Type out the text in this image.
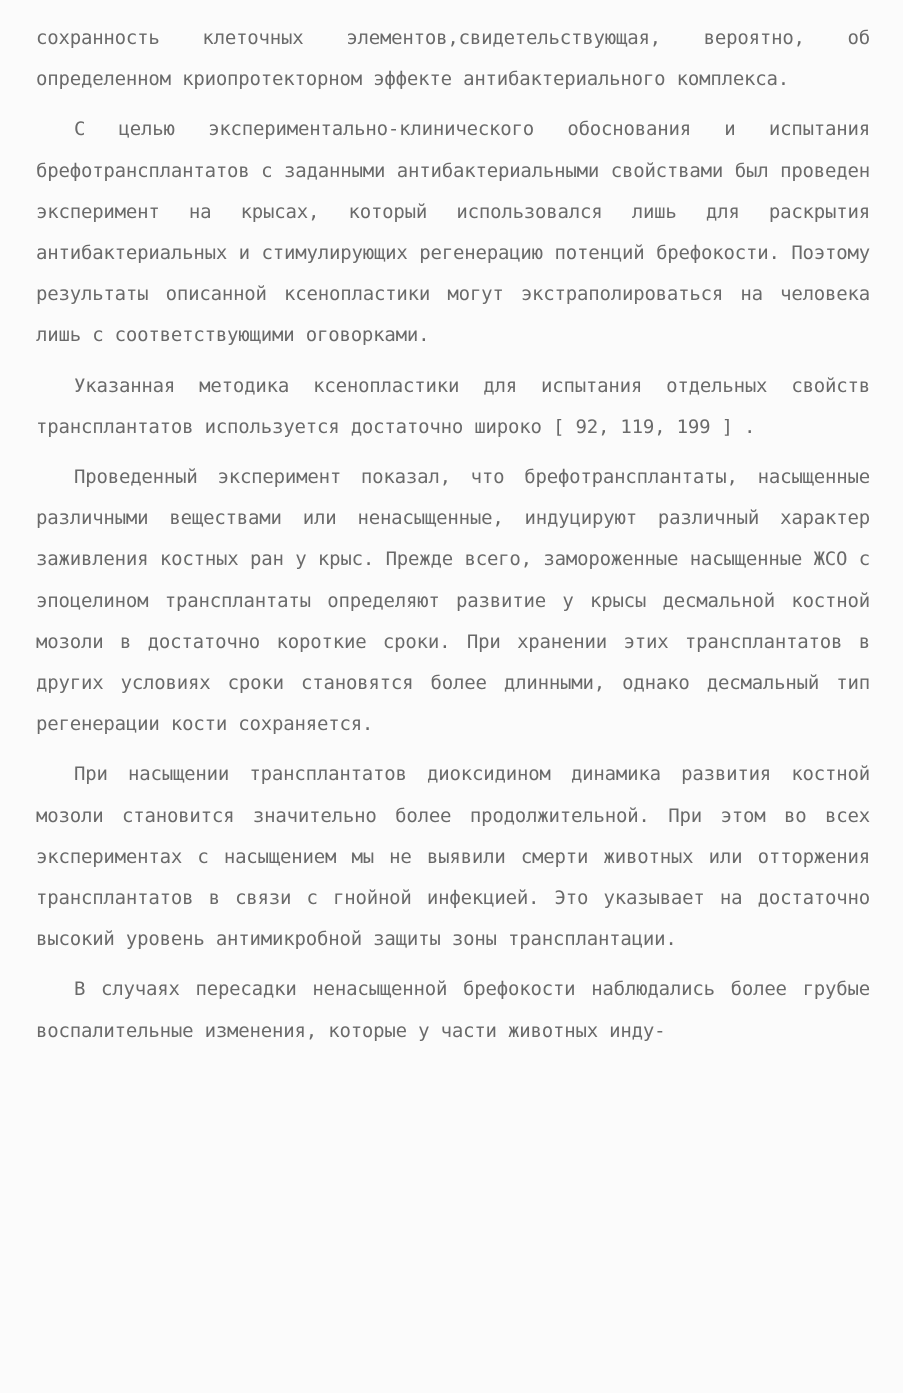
сохранность клеточных элементов,свидетельствующая, вероятно, об определенном криопротекторном эффекте антибактериального комплекса.

С целью экспериментально-клинического обоснования и испытания брефотрансплантатов с заданными антибактериальными свойствами был проведен эксперимент на крысах, который использовался лишь для раскрытия антибактериальных и стимулирующих регенерацию потенций брефокости. Поэтому результаты описанной ксенопластики могут экстраполироваться на человека лишь с соответствующими оговорками.

Указанная методика ксенопластики для испытания отдельных свойств трансплантатов используется достаточно широко [ 92, 119, 199 ] .

Проведенный эксперимент показал, что брефотрансплантаты, насыщенные различными веществами или ненасыщенные, индуцируют различный характер заживления костных ран у крыс. Прежде всего, замороженные насыщенные ЖСО с эпоцелином трансплантаты определяют развитие у крысы десмальной костной мозоли в достаточно короткие сроки. При хранении этих трансплантатов в других условиях сроки становятся более длинными, однако десмальный тип регенерации кости сохраняется.

При насыщении трансплантатов диоксидином динамика развития костной мозоли становится значительно более продолжительной. При этом во всех экспериментах с насыщением мы не выявили смерти животных или отторжения трансплантатов в связи с гнойной инфекцией. Это указывает на достаточно высокий уровень антимикробной защиты зоны трансплантации.

В случаях пересадки ненасыщенной брефокости наблюдались более грубые воспалительные изменения, которые у части животных инду-
